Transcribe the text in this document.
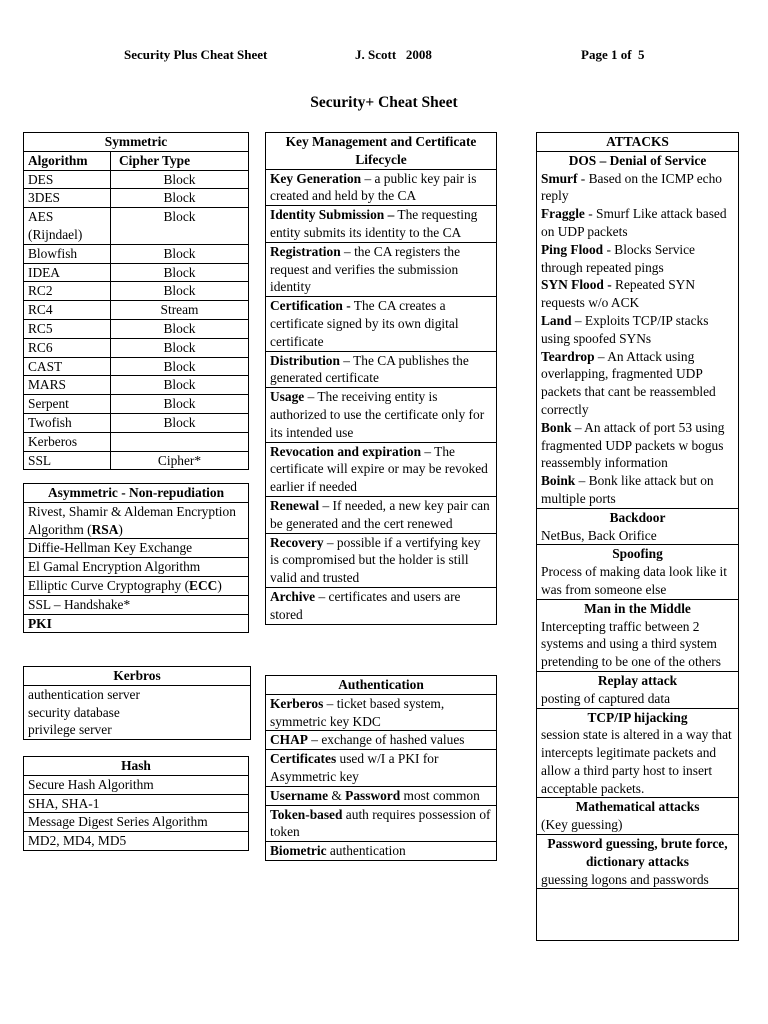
Security Plus Cheat Sheet	J. Scott   2008	Page 1 of  5
Security+ Cheat Sheet
Symmetric	
Algorithm	Cipher Type
DES	Block
3DES	Block
AES (Rijndael)	Block
Blowfish	Block
IDEA	Block
RC2	Block
RC4	Stream
RC5	Block
RC6	Block
CAST	Block
MARS	Block
Serpent	Block
Twofish	Block
Kerberos	
SSL	Cipher*
Asymmetric - Non-repudiation
Rivest, Shamir & Aldeman Encryption Algorithm (RSA)
Diffie-Hellman Key Exchange
El Gamal Encryption Algorithm
Elliptic Curve Cryptography (ECC)
SSL – Handshake*
PKI
Kerbros

authentication server
security database
privilege server
Hash
Secure Hash Algorithm
SHA, SHA-1
Message Digest Series Algorithm
MD2, MD4, MD5
Key Management and Certificate Lifecycle
Key Generation – a public key pair is created and held by the CA
Identity Submission – The requesting entity submits its identity to the CA
Registration – the CA registers the request and verifies the submission identity
Certification - The CA creates a certificate signed by its own digital certificate
Distribution – The CA publishes the generated certificate
Usage – The receiving entity is authorized to use the certificate only for its intended use
Revocation and expiration – The certificate will expire or may be revoked earlier if needed
Renewal – If needed, a new key pair can be generated and the cert renewed
Recovery – possible if a vertifying key is compromised but the holder is still valid and trusted
Archive – certificates and users are stored
Authentication
Kerberos – ticket based system, symmetric key KDC
CHAP – exchange of hashed values
Certificates used w/I a PKI for Asymmetric key
Username & Password most common
Token-based auth requires possession of token
Biometric authentication
ATTACKS

DOS – Denial of Service
Smurf - Based on the ICMP echo reply
Fraggle - Smurf Like attack based on UDP packets
Ping Flood - Blocks Service through repeated pings
SYN Flood - Repeated SYN requests w/o ACK
Land – Exploits TCP/IP stacks using spoofed SYNs
Teardrop – An Attack using overlapping, fragmented UDP packets that cant be reassembled correctly
Bonk – An attack of port 53 using fragmented UDP packets w bogus reassembly information
Boink – Bonk like attack but on multiple ports

Backdoor
NetBus, Back Orifice

Spoofing
Process of making data look like it was from someone else

Man in the Middle
Intercepting traffic between 2 systems and using a third system pretending to be one of the others

Replay attack
posting of captured data

TCP/IP hijacking
session state is altered in a way that intercepts legitimate packets and allow a third party host to insert acceptable packets.

Mathematical attacks
(Key guessing)

Password guessing, brute force, dictionary attacks
guessing logons and passwords
